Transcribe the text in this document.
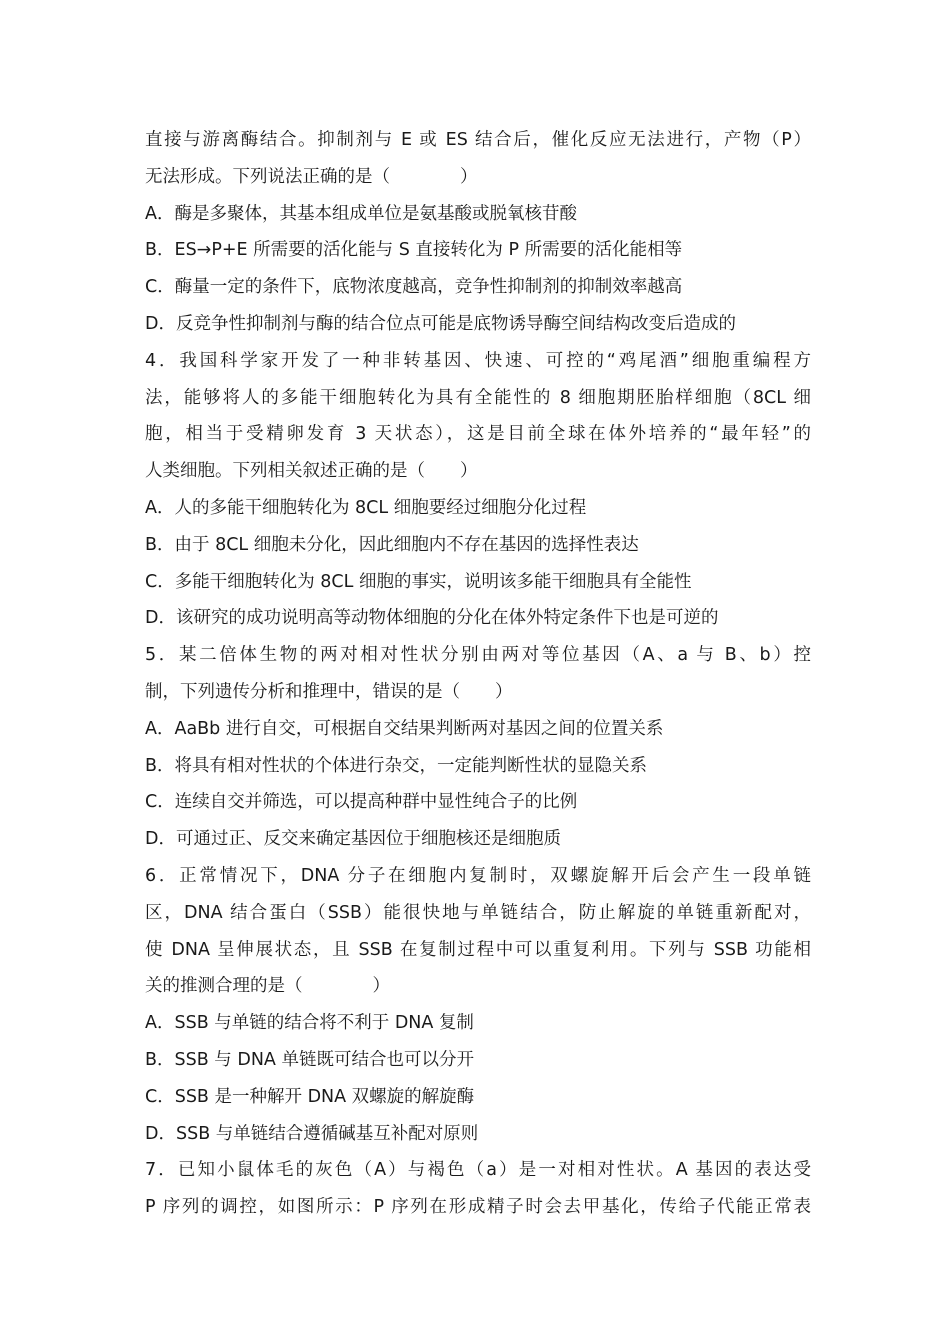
直接与游离酶结合。抑制剂与 E 或 ES 结合后，催化反应无法进行，产物（P）
无法形成。下列说法正确的是（　　　　）
A．酶是多聚体，其基本组成单位是氨基酸或脱氧核苷酸
B．ES→P+E 所需要的活化能与 S 直接转化为 P 所需要的活化能相等
C．酶量一定的条件下，底物浓度越高，竞争性抑制剂的抑制效率越高
D．反竞争性抑制剂与酶的结合位点可能是底物诱导酶空间结构改变后造成的
4．我国科学家开发了一种非转基因、快速、可控的“鸡尾酒”细胞重编程方
法，能够将人的多能干细胞转化为具有全能性的 8 细胞期胚胎样细胞（8CL 细
胞，相当于受精卵发育 3 天状态），这是目前全球在体外培养的“最年轻”的
人类细胞。下列相关叙述正确的是（　　）
A．人的多能干细胞转化为 8CL 细胞要经过细胞分化过程
B．由于 8CL 细胞未分化，因此细胞内不存在基因的选择性表达
C．多能干细胞转化为 8CL 细胞的事实，说明该多能干细胞具有全能性
D．该研究的成功说明高等动物体细胞的分化在体外特定条件下也是可逆的
5．某二倍体生物的两对相对性状分别由两对等位基因（A、a 与 B、b）控
制，下列遗传分析和推理中，错误的是（　　）
A．AaBb 进行自交，可根据自交结果判断两对基因之间的位置关系
B．将具有相对性状的个体进行杂交，一定能判断性状的显隐关系
C．连续自交并筛选，可以提高种群中显性纯合子的比例
D．可通过正、反交来确定基因位于细胞核还是细胞质
6．正常情况下，DNA 分子在细胞内复制时，双螺旋解开后会产生一段单链
区，DNA 结合蛋白（SSB）能很快地与单链结合，防止解旋的单链重新配对，
使 DNA 呈伸展状态，且 SSB 在复制过程中可以重复利用。下列与 SSB 功能相
关的推测合理的是（　　　　）
A．SSB 与单链的结合将不利于 DNA 复制
B．SSB 与 DNA 单链既可结合也可以分开
C．SSB 是一种解开 DNA 双螺旋的解旋酶
D．SSB 与单链结合遵循碱基互补配对原则
7．已知小鼠体毛的灰色（A）与褐色（a）是一对相对性状。A 基因的表达受
P 序列的调控，如图所示：P 序列在形成精子时会去甲基化，传给子代能正常表
